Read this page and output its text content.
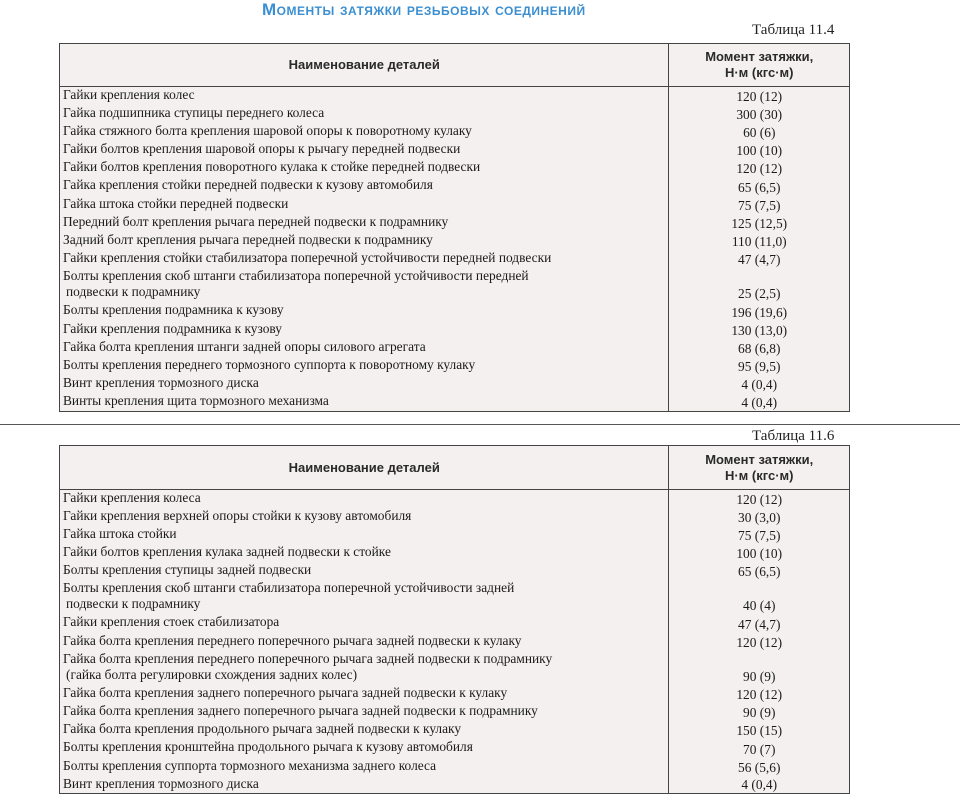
Моменты затяжки резьбовых соединений
Таблица 11.4
Наименование деталей	Момент затяжки,
Н·м (кгс·м)

Гайки крепления колес	120 (12)

Гайка подшипника ступицы переднего колеса	300 (30)

Гайка стяжного болта крепления шаровой опоры к поворотному кулаку	60 (6)

Гайки болтов крепления шаровой опоры к рычагу передней подвески	100 (10)

Гайки болтов крепления поворотного кулака к стойке передней подвески	120 (12)

Гайка крепления стойки передней подвески к кузову автомобиля	65 (6,5)

Гайка штока стойки передней подвески	75 (7,5)

Передний болт крепления рычага передней подвески к подрамнику	125 (12,5)

Задний болт крепления рычага передней подвески к подрамнику	110 (11,0)

Гайки крепления стойки стабилизатора поперечной устойчивости передней подвески	47 (4,7)

Болты крепления скоб штанги стабилизатора поперечной устойчивости передней
подвески к подрамнику	25 (2,5)

Болты крепления подрамника к кузову	196 (19,6)

Гайки крепления подрамника к кузову	130 (13,0)

Гайка болта крепления штанги задней опоры силового агрегата	68 (6,8)

Болты крепления переднего тормозного суппорта к поворотному кулаку	95 (9,5)

Винт крепления тормозного диска	4 (0,4)

Винты крепления щита тормозного механизма	4 (0,4)
Таблица 11.6
Наименование деталей	Момент затяжки,
Н·м (кгс·м)

Гайки крепления колеса	120 (12)

Гайки крепления верхней опоры стойки к кузову автомобиля	30 (3,0)

Гайка штока стойки	75 (7,5)

Гайки болтов крепления кулака задней подвески к стойке	100 (10)

Болты крепления ступицы задней подвески	65 (6,5)

Болты крепления скоб штанги стабилизатора поперечной устойчивости задней
подвески к подрамнику	40 (4)

Гайки крепления стоек стабилизатора	47 (4,7)

Гайка болта крепления переднего поперечного рычага задней подвески к кулаку	120 (12)

Гайка болта крепления переднего поперечного рычага задней подвески к подрамнику
(гайка болта регулировки схождения задних колес)	90 (9)

Гайка болта крепления заднего поперечного рычага задней подвески к кулаку	120 (12)

Гайка болта крепления заднего поперечного рычага задней подвески к подрамнику	90 (9)

Гайка болта крепления продольного рычага задней подвески к кулаку	150 (15)

Болты крепления кронштейна продольного рычага к кузову автомобиля	70 (7)

Болты крепления суппорта тормозного механизма заднего колеса	56 (5,6)

Винт крепления тормозного диска	4 (0,4)
